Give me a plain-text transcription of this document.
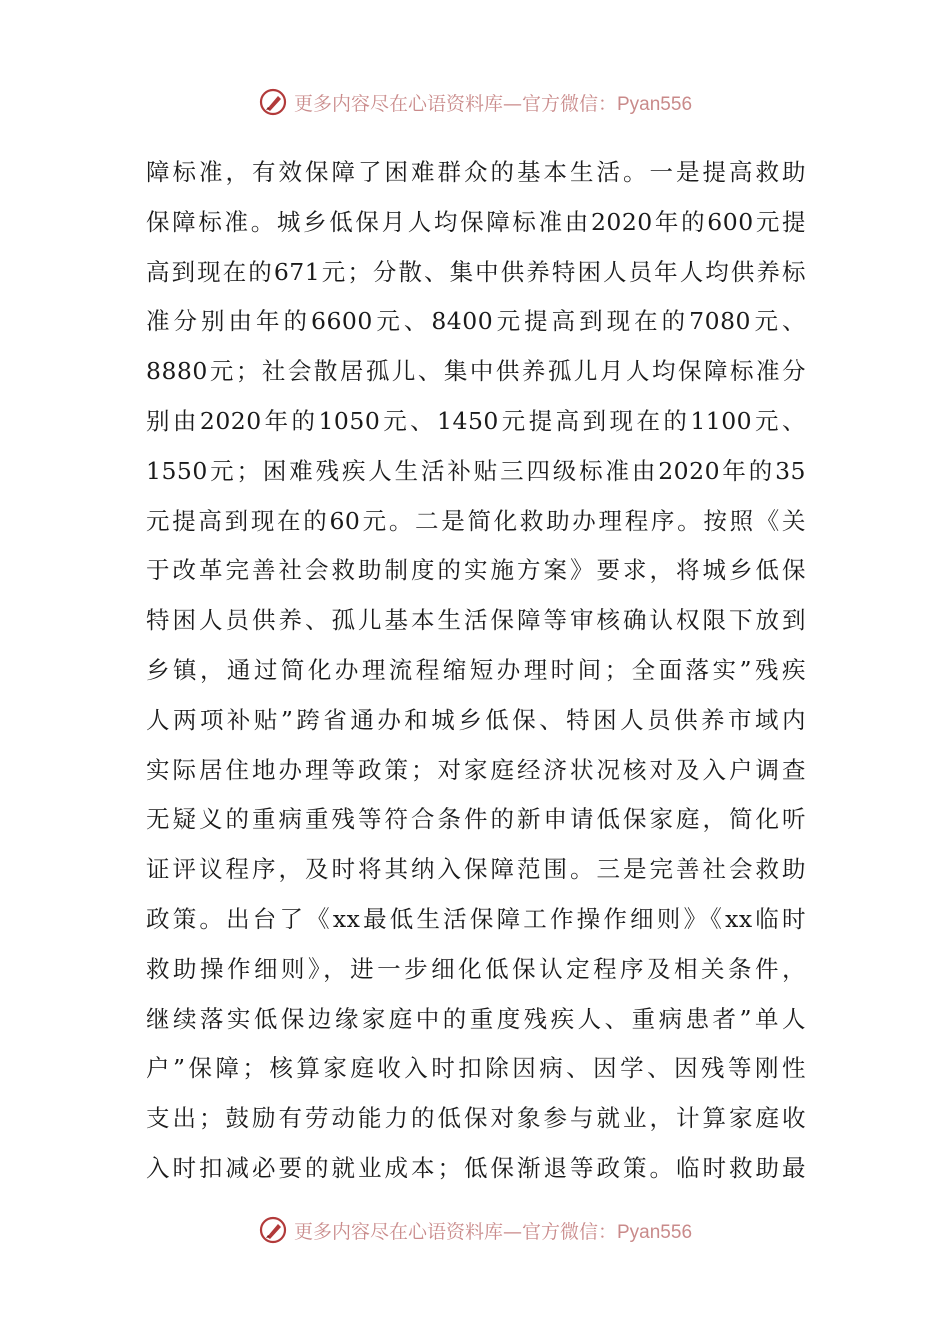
更多内容尽在心语资料库—官方微信：Pyan556
障标准，有效保障了困难群众的基本生活。一是提高救助
保障标准。城乡低保月人均保障标准由2020年的600元提
高到现在的671元；分散、集中供养特困人员年人均供养标
准分别由年的6600元、8400元提高到现在的7080元、
8880元；社会散居孤儿、集中供养孤儿月人均保障标准分
别由2020年的1050元、1450元提高到现在的1100元、
1550元；困难残疾人生活补贴三四级标准由2020年的35
元提高到现在的60元。二是简化救助办理程序。按照《关
于改革完善社会救助制度的实施方案》要求，将城乡低保
特困人员供养、孤儿基本生活保障等审核确认权限下放到
乡镇，通过简化办理流程缩短办理时间；全面落实”残疾
人两项补贴”跨省通办和城乡低保、特困人员供养市域内
实际居住地办理等政策；对家庭经济状况核对及入户调查
无疑义的重病重残等符合条件的新申请低保家庭，简化听
证评议程序，及时将其纳入保障范围。三是完善社会救助
政策。出台了《xx最低生活保障工作操作细则》《xx临时
救助操作细则》，进一步细化低保认定程序及相关条件，
继续落实低保边缘家庭中的重度残疾人、重病患者”单人
户”保障；核算家庭收入时扣除因病、因学、因残等刚性
支出；鼓励有劳动能力的低保对象参与就业，计算家庭收
入时扣减必要的就业成本；低保渐退等政策。临时救助最
更多内容尽在心语资料库—官方微信：Pyan556
